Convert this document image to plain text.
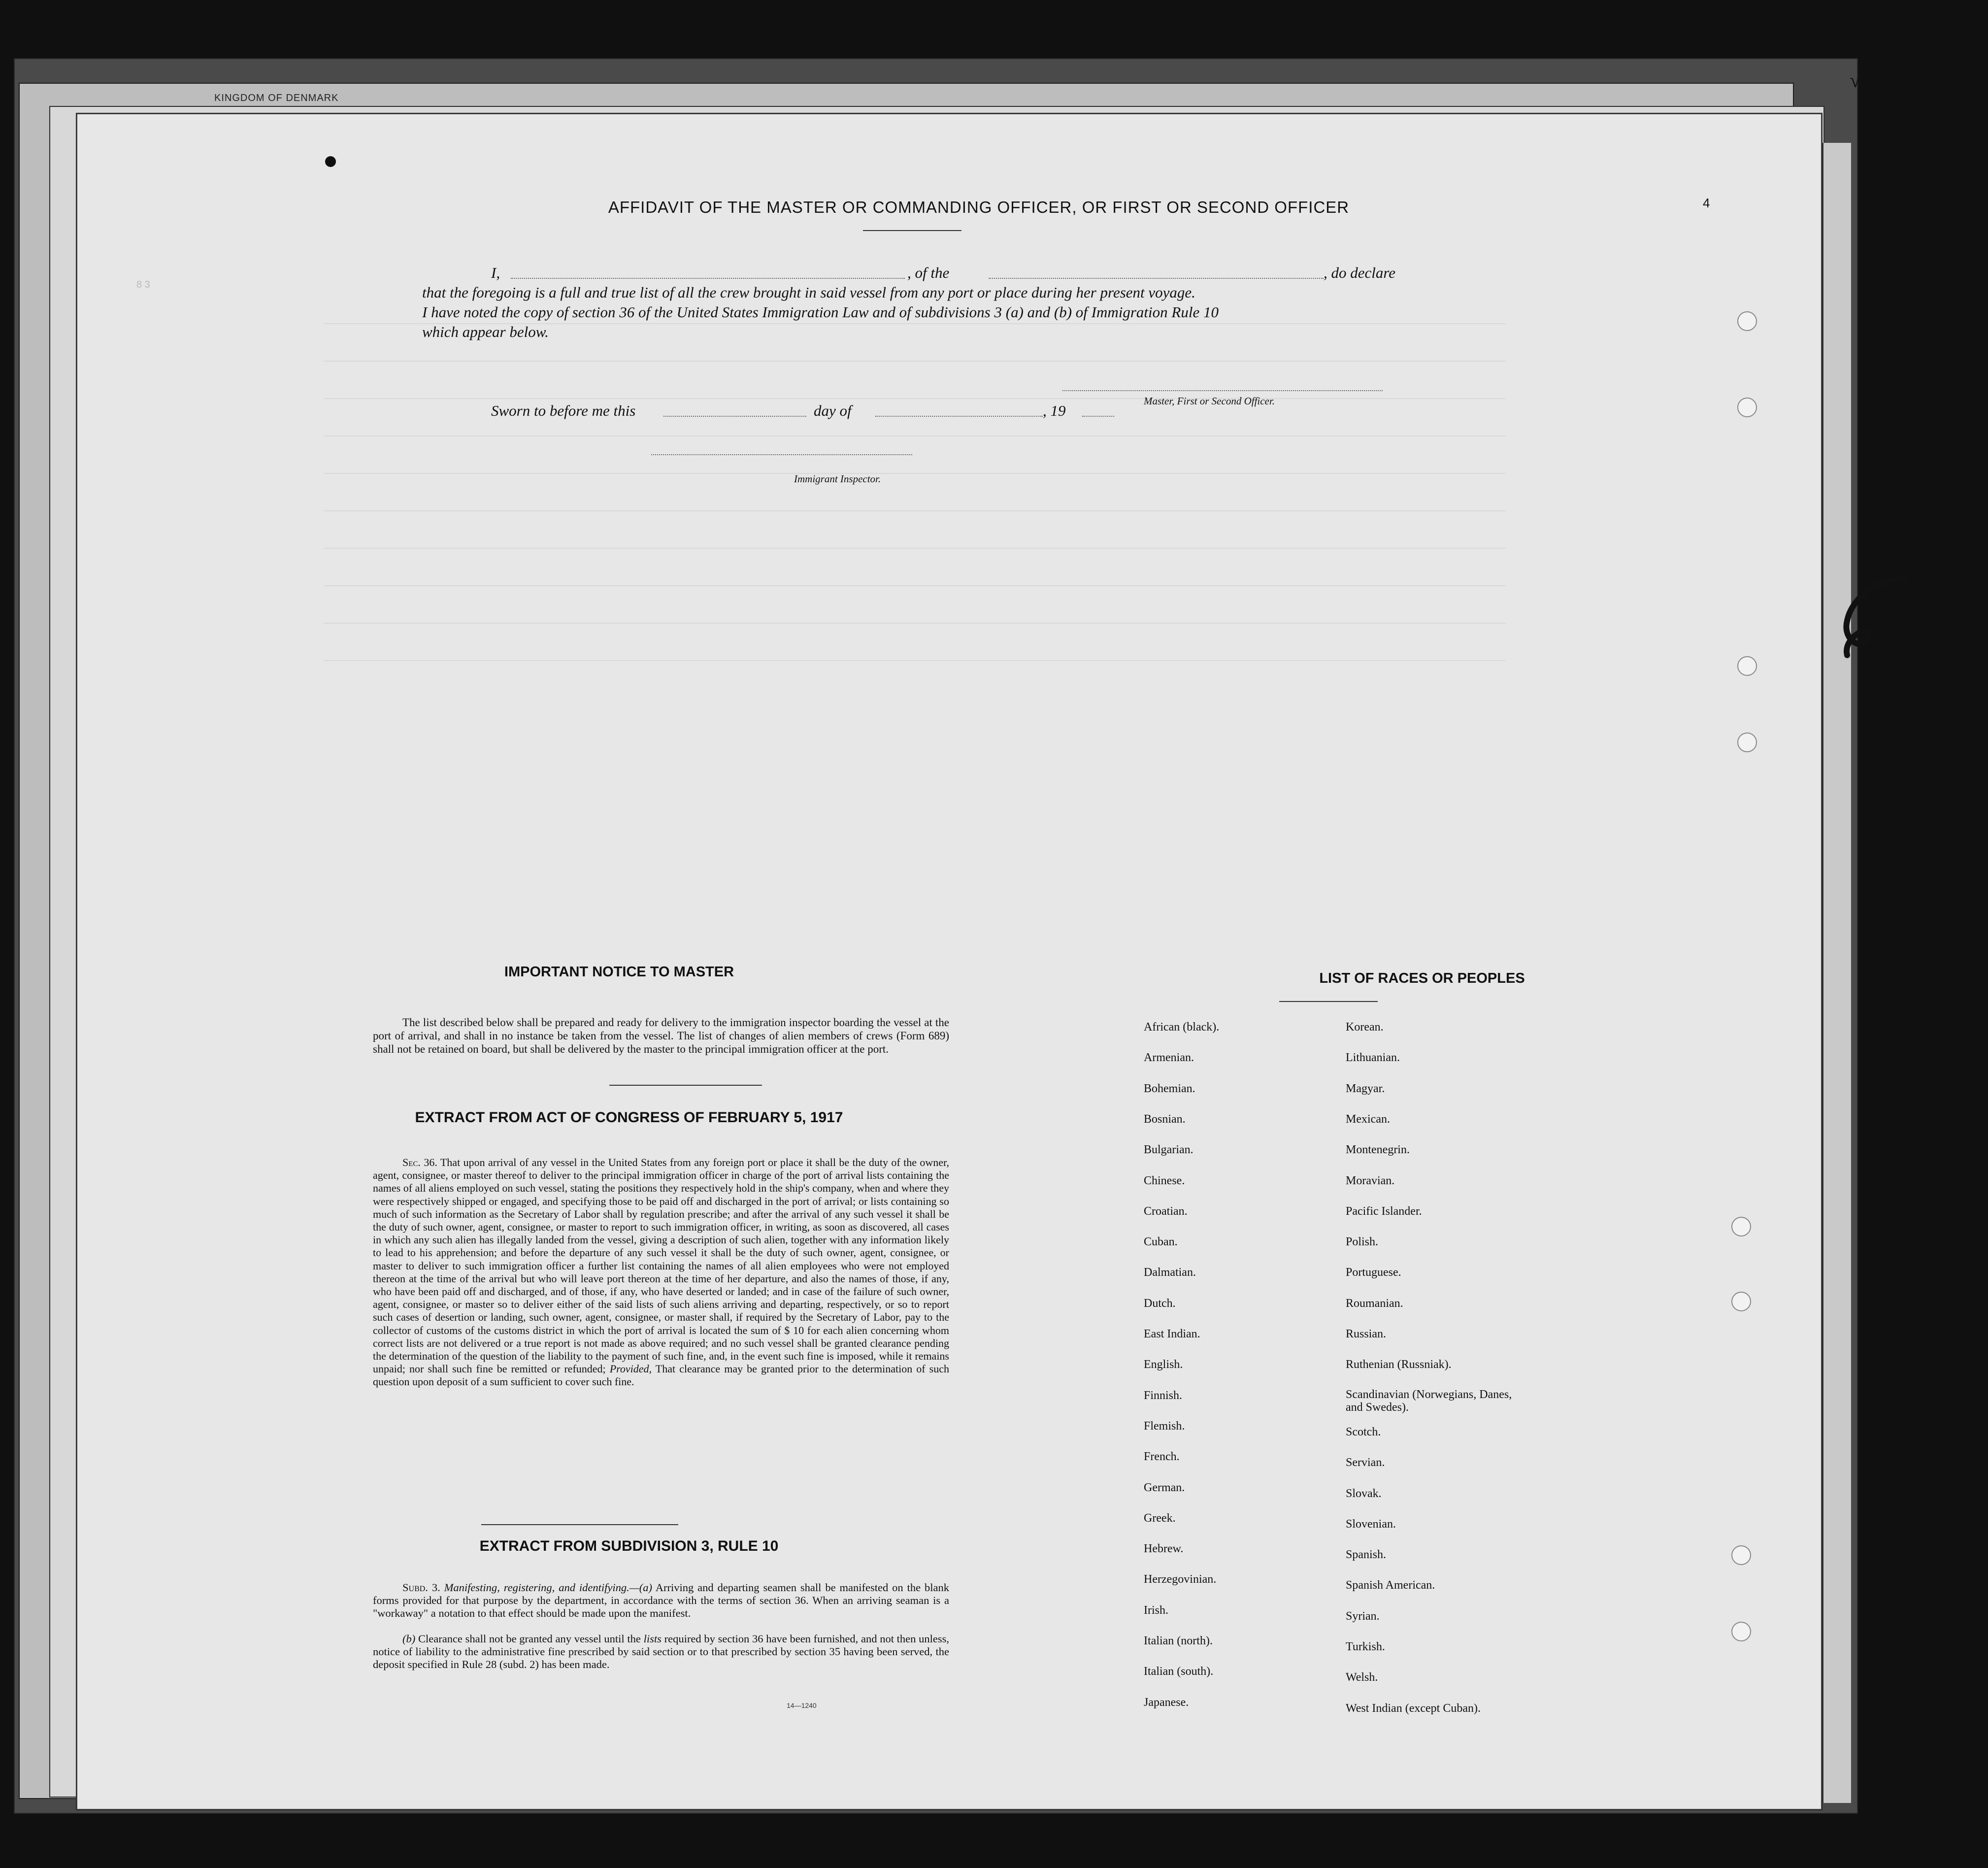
KINGDOM OF DENMARK
8 3
4
AFFIDAVIT OF THE MASTER OR COMMANDING OFFICER, OR FIRST OR SECOND OFFICER
I,	, of the	, do declare
that the foregoing is a full and true list of all the crew brought in said vessel from any port or place during her present voyage.
I have noted the copy of section 36 of the United States Immigration Law and of subdivisions 3 (a) and (b) of Immigration Rule 10
which appear below.
Master, First or Second Officer.
Sworn to before me this	day of	, 19
Immigrant Inspector.
IMPORTANT NOTICE TO MASTER
The list described below shall be prepared and ready for delivery to the immigration inspector boarding the vessel at the port of arrival, and shall in no instance be taken from the vessel. The list of changes of alien members of crews (Form 689) shall not be retained on board, but shall be delivered by the master to the principal immigration officer at the port.
EXTRACT FROM ACT OF CONGRESS OF FEBRUARY 5, 1917
Sec. 36. That upon arrival of any vessel in the United States from any foreign port or place it shall be the duty of the owner, agent, consignee, or master thereof to deliver to the principal immigration officer in charge of the port of arrival lists containing the names of all aliens employed on such vessel, stating the positions they respectively hold in the ship's company, when and where they were respectively shipped or engaged, and specifying those to be paid off and discharged in the port of arrival; or lists containing so much of such information as the Secretary of Labor shall by regulation prescribe; and after the arrival of any such vessel it shall be the duty of such owner, agent, consignee, or master to report to such immigration officer, in writing, as soon as discovered, all cases in which any such alien has illegally landed from the vessel, giving a description of such alien, together with any information likely to lead to his apprehension; and before the departure of any such vessel it shall be the duty of such owner, agent, consignee, or master to deliver to such immigration officer a further list containing the names of all alien employees who were not employed thereon at the time of the arrival but who will leave port thereon at the time of her departure, and also the names of those, if any, who have been paid off and discharged, and of those, if any, who have deserted or landed; and in case of the failure of such owner, agent, consignee, or master so to deliver either of the said lists of such aliens arriving and departing, respectively, or so to report such cases of desertion or landing, such owner, agent, consignee, or master shall, if required by the Secretary of Labor, pay to the collector of customs of the customs district in which the port of arrival is located the sum of $ 10 for each alien concerning whom correct lists are not delivered or a true report is not made as above required; and no such vessel shall be granted clearance pending the determination of the question of the liability to the payment of such fine, and, in the event such fine is imposed, while it remains unpaid; nor shall such fine be remitted or refunded; Provided, That clearance may be granted prior to the determination of such question upon deposit of a sum sufficient to cover such fine.
EXTRACT FROM SUBDIVISION 3, RULE 10
Subd. 3. Manifesting, registering, and identifying.—(a) Arriving and departing seamen shall be manifested on the blank forms provided for that purpose by the department, in accordance with the terms of section 36. When an arriving seaman is a "workaway" a notation to that effect should be made upon the manifest.
(b) Clearance shall not be granted any vessel until the lists required by section 36 have been furnished, and not then unless, notice of liability to the administrative fine prescribed by said section or to that prescribed by section 35 having been served, the deposit specified in Rule 28 (subd. 2) has been made.
14—1240
LIST OF RACES OR PEOPLES
African (black).
Armenian.
Bohemian.
Bosnian.
Bulgarian.
Chinese.
Croatian.
Cuban.
Dalmatian.
Dutch.
East Indian.
English.
Finnish.
Flemish.
French.
German.
Greek.
Hebrew.
Herzegovinian.
Irish.
Italian (north).
Italian (south).
Japanese.
Korean.
Lithuanian.
Magyar.
Mexican.
Montenegrin.
Moravian.
Pacific Islander.
Polish.
Portuguese.
Roumanian.
Russian.
Ruthenian (Russniak).
Scandinavian (Norwegians, Danes, and Swedes).
Scotch.
Servian.
Slovak.
Slovenian.
Spanish.
Spanish American.
Syrian.
Turkish.
Welsh.
West Indian (except Cuban).
√
